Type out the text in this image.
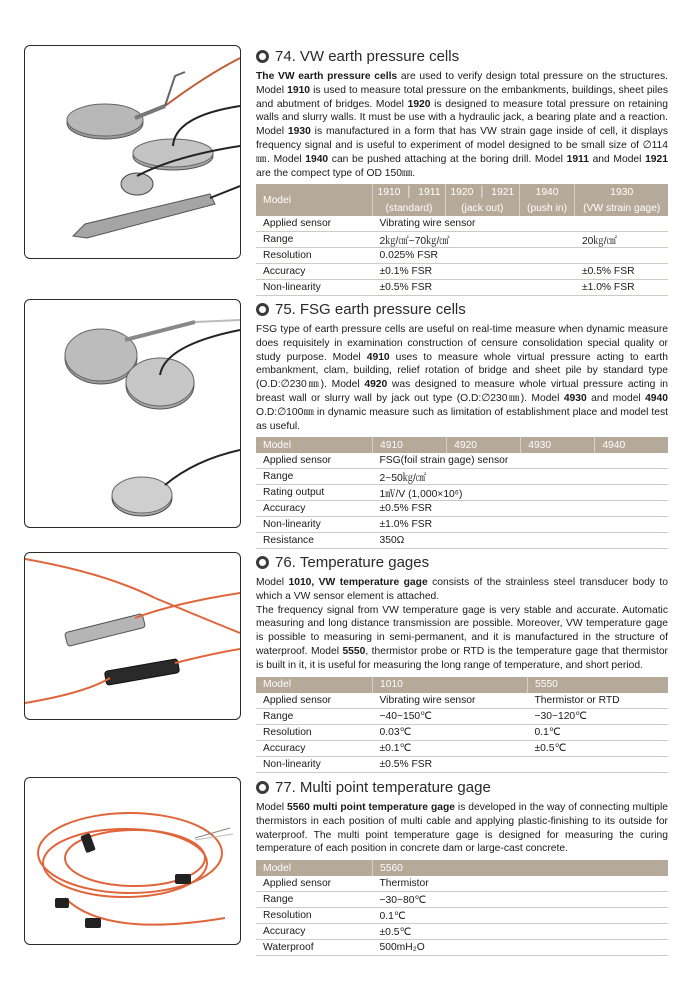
74. VW earth pressure cells

The VW earth pressure cells are used to verify design total pressure on the structures. Model 1910 is used to measure total pressure on the embankments, buildings, sheet piles and abutment of bridges. Model 1920 is designed to measure total pressure on retaining walls and slurry walls. It must be use with a hydraulic jack, a bearing plate and a reaction. Model 1930 is manufactured in a form that has VW strain gage inside of cell, it displays frequency signal and is useful to experiment of model designed to be small size of ∅114㎜. Model 1940 can be pushed attaching at the boring drill. Model 1911 and Model 1921 are the compect type of OD 150㎜.

Model	1910  │  1911	1920  │  1921	1940	1930
	(standard)	(jack out)	(push in)	(VW strain gage)
Applied sensor	Vibrating wire sensor			
Range	2㎏/㎠~70㎏/㎠			20㎏/㎠
Resolution	0.025% FSR			
Accuracy	±0.1% FSR			±0.5% FSR
Non-linearity	±0.5% FSR			±1.0% FSR
75. FSG earth pressure cells

FSG type of earth pressure cells are useful on real-time measure when dynamic measure does requisitely in examination construction of censure consolidation special quality or study purpose. Model 4910 uses to measure whole virtual pressure acting to earth embankment, clam, building, relief rotation of bridge and sheet pile by standard type (O.D:∅230㎜). Model 4920 was designed to measure whole virtual pressure acting in breast wall or slurry wall by jack out type (O.D:∅230㎜). Model 4930 and model 4940 O.D:∅100㎜ in dynamic measure such as limitation of establishment place and model test as useful.

Model	4910	4920	4930	4940
Applied sensor	FSG(foil strain gage) sensor			
Range	2~50㎏/㎠			
Rating output	1㎷/V (1,000×10⁶)			
Accuracy	±0.5% FSR			
Non-linearity	±1.0% FSR			
Resistance	350Ω			
76. Temperature gages

Model 1010, VW temperature gage consists of the strainless steel transducer body to which a VW sensor element is attached.
The frequency signal from VW temperature gage is very stable and accurate. Automatic measuring and long distance transmission are possible. Moreover, VW temperature gage is possible to measuring in semi-permanent, and it is manufactured in the structure of waterproof. Model 5550, thermistor probe or RTD is the temperature gage that thermistor is built in it, it is useful for measuring the long range of temperature, and short period.

Model	1010	5550
Applied sensor	Vibrating wire sensor	Thermistor or RTD
Range	−40~150℃	−30~120℃
Resolution	0.03℃	0.1℃
Accuracy	±0.1℃	±0.5℃
Non-linearity	±0.5% FSR	
77. Multi point temperature gage

Model 5560 multi point temperature gage is developed in the way of connecting multiple thermistors in each position of multi cable and applying plastic-finishing to its outside for waterproof. The multi point temperature gage is designed for measuring the curing temperature of each position in concrete dam or large-cast concrete.

Model	5560
Applied sensor	Thermistor
Range	−30~80℃
Resolution	0.1℃
Accuracy	±0.5℃
Waterproof	500mH₂O
